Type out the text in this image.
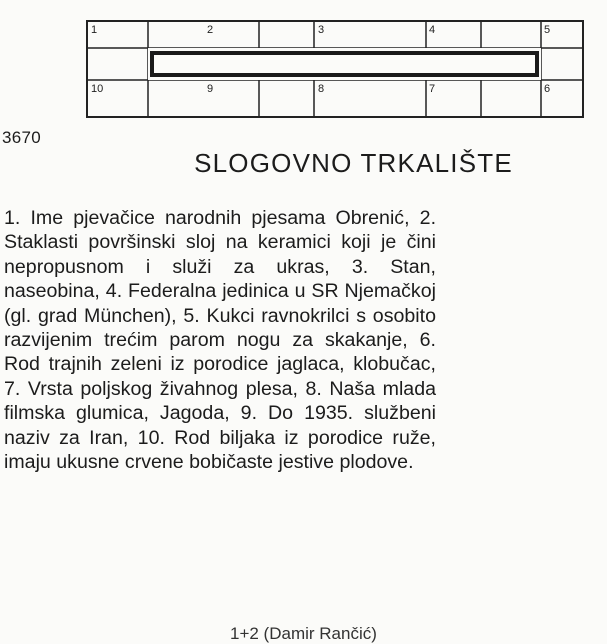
1	2	3	4	5
10	9	8	7	6
3670
SLOGOVNO TRKALIŠTE

1. Ime pjevačice narodnih pjesama Obrenić, 2. Staklasti površinski sloj na keramici koji je čini nepropusnom i služi za ukras, 3. Stan, naseobina, 4. Federalna jedinica u SR Njemačkoj (gl. grad München), 5. Kukci ravnokrilci s osobito razvijenim trećim parom nogu za skakanje, 6. Rod trajnih zeleni iz porodice jaglaca, klobučac, 7. Vrsta poljskog živahnog plesa, 8. Naša mlada filmska glumica, Jagoda, 9. Do 1935. službeni naziv za Iran, 10. Rod biljaka iz porodice ruže, imaju ukusne crvene bobičaste jestive plodove.

1+2 (Damir Rančić)
